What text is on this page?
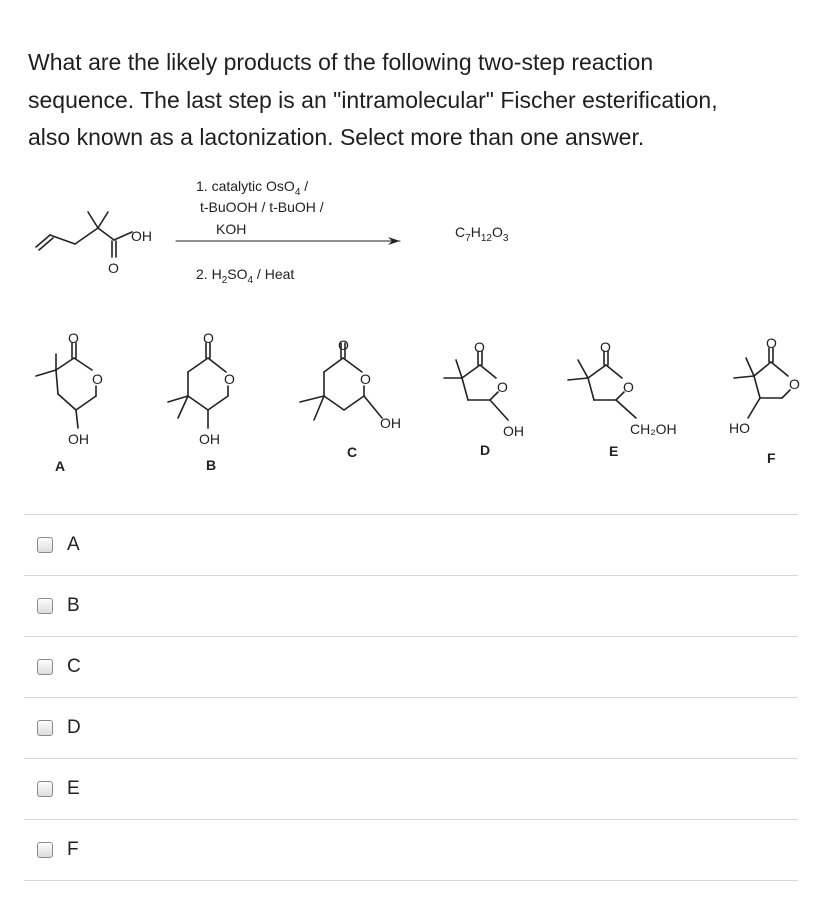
What are the likely products of the following two-step reaction
sequence. The last step is an "intramolecular" Fischer esterification,
also known as a lactonization. Select more than one answer.
OH
O
1. catalytic OsO$_4$ /
t-BuOOH / t-BuOH /
KOH
2. $H_2SO_4$ / Heat
$C_7H_{12}O_3$
O
O
OH
A
O
O
OH
B
O
O
OH
C
O
O
OH
D
O
O
CH₂OH
E
O
O
HO
F
A
B
C
D
E
F
